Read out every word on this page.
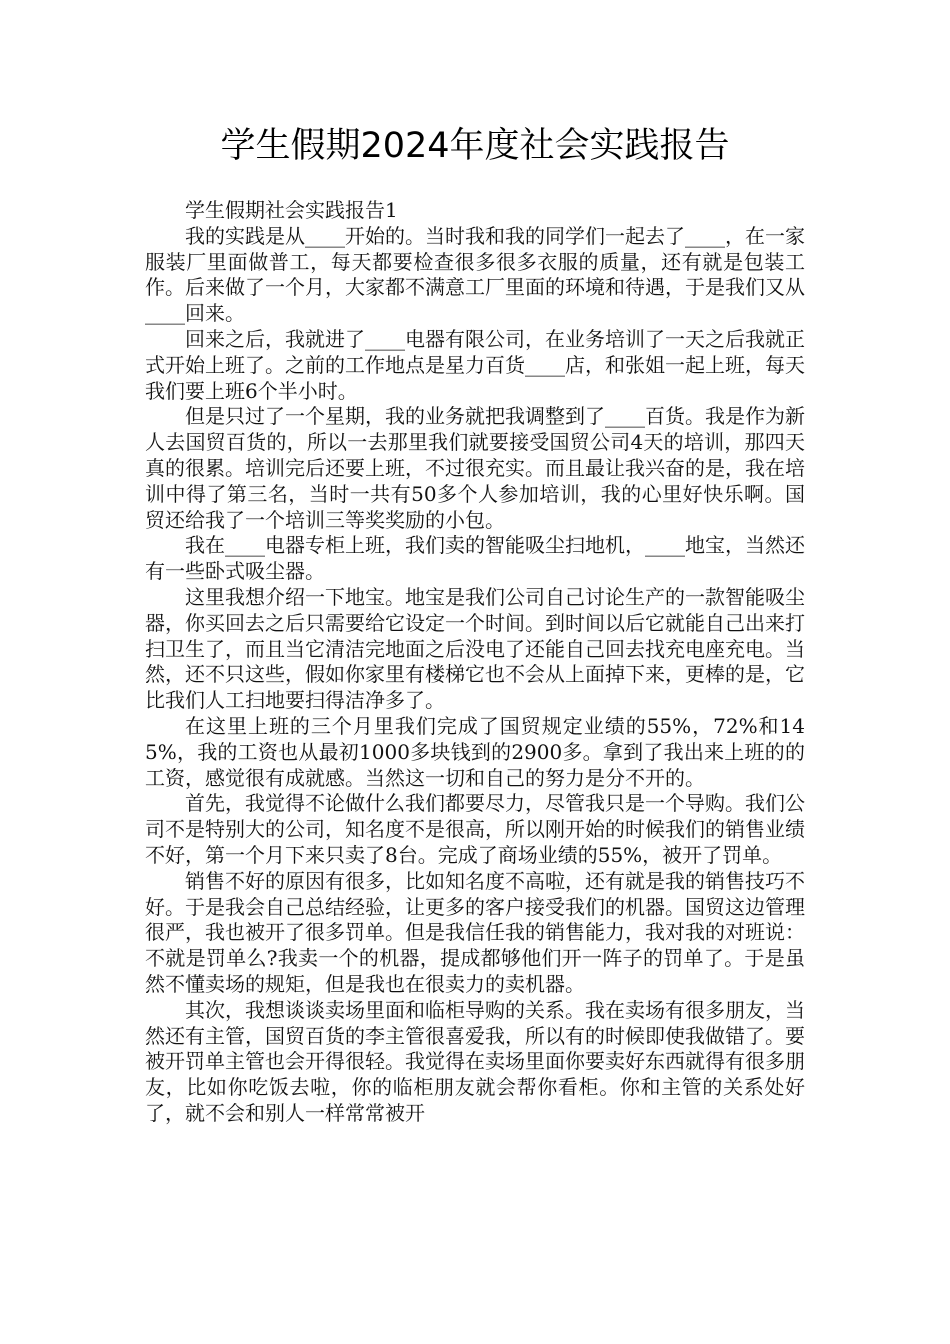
学生假期2024年度社会实践报告

学生假期社会实践报告1

我的实践是从____开始的。当时我和我的同学们一起去了____，在一家服装厂里面做普工，每天都要检查很多很多衣服的质量，还有就是包装工作。后来做了一个月，大家都不满意工厂里面的环境和待遇，于是我们又从____回来。

回来之后，我就进了____电器有限公司，在业务培训了一天之后我就正式开始上班了。之前的工作地点是星力百货____店，和张姐一起上班，每天我们要上班6个半小时。

但是只过了一个星期，我的业务就把我调整到了____百货。我是作为新人去国贸百货的，所以一去那里我们就要接受国贸公司4天的培训，那四天真的很累。培训完后还要上班，不过很充实。而且最让我兴奋的是，我在培训中得了第三名，当时一共有50多个人参加培训，我的心里好快乐啊。国贸还给我了一个培训三等奖奖励的小包。

我在____电器专柜上班，我们卖的智能吸尘扫地机，____地宝，当然还有一些卧式吸尘器。

这里我想介绍一下地宝。地宝是我们公司自己讨论生产的一款智能吸尘器，你买回去之后只需要给它设定一个时间。到时间以后它就能自己出来打扫卫生了，而且当它清洁完地面之后没电了还能自己回去找充电座充电。当然，还不只这些，假如你家里有楼梯它也不会从上面掉下来，更棒的是，它比我们人工扫地要扫得洁净多了。

在这里上班的三个月里我们完成了国贸规定业绩的55%，72%和145%，我的工资也从最初1000多块钱到的2900多。拿到了我出来上班的的工资，感觉很有成就感。当然这一切和自己的努力是分不开的。

首先，我觉得不论做什么我们都要尽力，尽管我只是一个导购。我们公司不是特别大的公司，知名度不是很高，所以刚开始的时候我们的销售业绩不好，第一个月下来只卖了8台。完成了商场业绩的55%，被开了罚单。

销售不好的原因有很多，比如知名度不高啦，还有就是我的销售技巧不好。于是我会自己总结经验，让更多的客户接受我们的机器。国贸这边管理很严，我也被开了很多罚单。但是我信任我的销售能力，我对我的对班说：不就是罚单么?我卖一个的机器，提成都够他们开一阵子的罚单了。于是虽然不懂卖场的规矩，但是我也在很卖力的卖机器。

其次，我想谈谈卖场里面和临柜导购的关系。我在卖场有很多朋友，当然还有主管，国贸百货的李主管很喜爱我，所以有的时候即使我做错了。要被开罚单主管也会开得很轻。我觉得在卖场里面你要卖好东西就得有很多朋友，比如你吃饭去啦，你的临柜朋友就会帮你看柜。你和主管的关系处好了，就不会和别人一样常常被开
